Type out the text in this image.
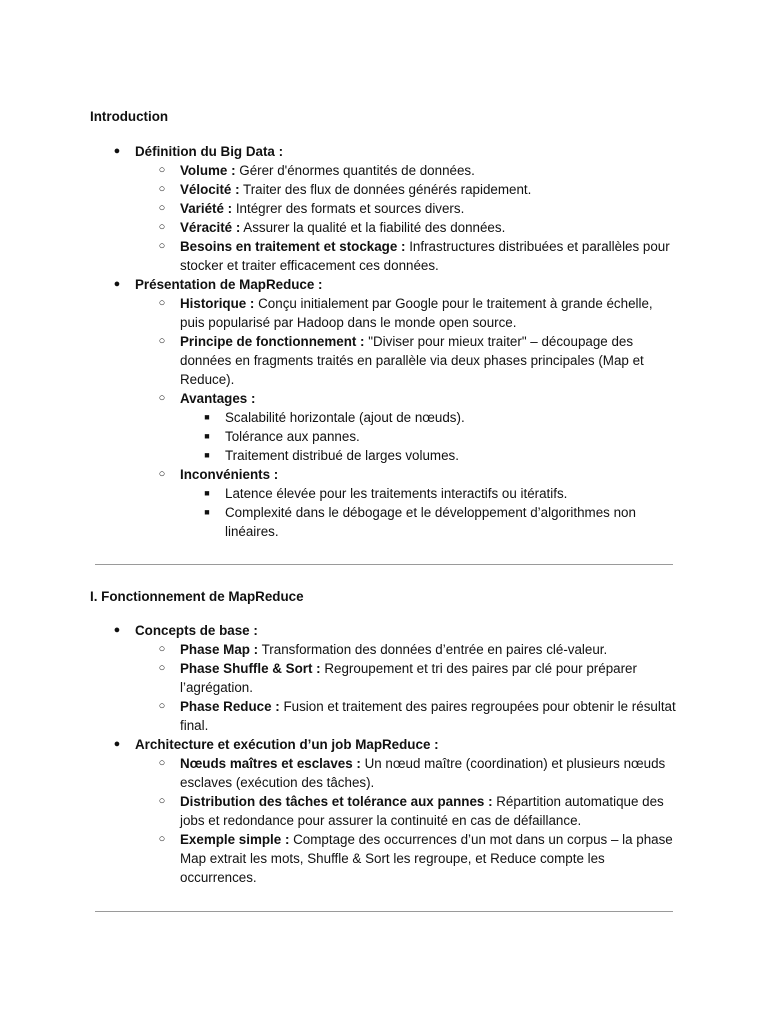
Introduction
●	Définition du Big Data :
○	Volume : Gérer d'énormes quantités de données.
○	Vélocité : Traiter des flux de données générés rapidement.
○	Variété : Intégrer des formats et sources divers.
○	Véracité : Assurer la qualité et la fiabilité des données.
○	Besoins en traitement et stockage : Infrastructures distribuées et parallèles pour stocker et traiter efficacement ces données.
●	Présentation de MapReduce :
○	Historique : Conçu initialement par Google pour le traitement à grande échelle, puis popularisé par Hadoop dans le monde open source.
○	Principe de fonctionnement : "Diviser pour mieux traiter" – découpage des données en fragments traités en parallèle via deux phases principales (Map et Reduce).
○	Avantages :
■	Scalabilité horizontale (ajout de nœuds).
■	Tolérance aux pannes.
■	Traitement distribué de larges volumes.
○	Inconvénients :
■	Latence élevée pour les traitements interactifs ou itératifs.
■	Complexité dans le débogage et le développement d’algorithmes non linéaires.
I. Fonctionnement de MapReduce
●	Concepts de base :
○	Phase Map : Transformation des données d’entrée en paires clé-valeur.
○	Phase Shuffle & Sort : Regroupement et tri des paires par clé pour préparer l’agrégation.
○	Phase Reduce : Fusion et traitement des paires regroupées pour obtenir le résultat final.
●	Architecture et exécution d’un job MapReduce :
○	Nœuds maîtres et esclaves : Un nœud maître (coordination) et plusieurs nœuds esclaves (exécution des tâches).
○	Distribution des tâches et tolérance aux pannes : Répartition automatique des jobs et redondance pour assurer la continuité en cas de défaillance.
○	Exemple simple : Comptage des occurrences d’un mot dans un corpus – la phase Map extrait les mots, Shuffle & Sort les regroupe, et Reduce compte les occurrences.
